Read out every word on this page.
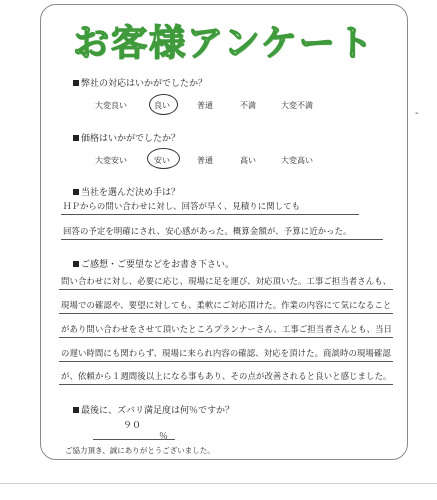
お客様アンケート
弊社の対応はいかがでしたか？
大変良い	良い	普通	不満	大変不満
価格はいかがでしたか？
大変安い	安い	普通	高い	大変高い
当社を選んだ決め手は？
ＨＰからの問い合わせに対し、回答が早く、見積りに関しても
回答の予定を明確にされ、安心感があった。概算金額が、予算に近かった。
ご感想・ご要望などをお書き下さい。
問い合わせに対し、必要に応じ、現場に足を運び、対応頂いた。工事ご担当者さんも、
現場での確認や、要望に対しても、柔軟にご対応頂けた。作業の内容にて気になること
があり問い合わせをさせて頂いたところプランナーさん、工事ご担当者さんとも、当日
の遅い時間にも関わらず、現場に来られ内容の確認、対応を頂けた。商談時の現場確認
が、依頼から１週間後以上になる事もあり、その点が改善されると良いと感じました。
最後に、ズバリ満足度は何％ですか？
９０
％
ご協力頂き、誠にありがとうございました。
-
